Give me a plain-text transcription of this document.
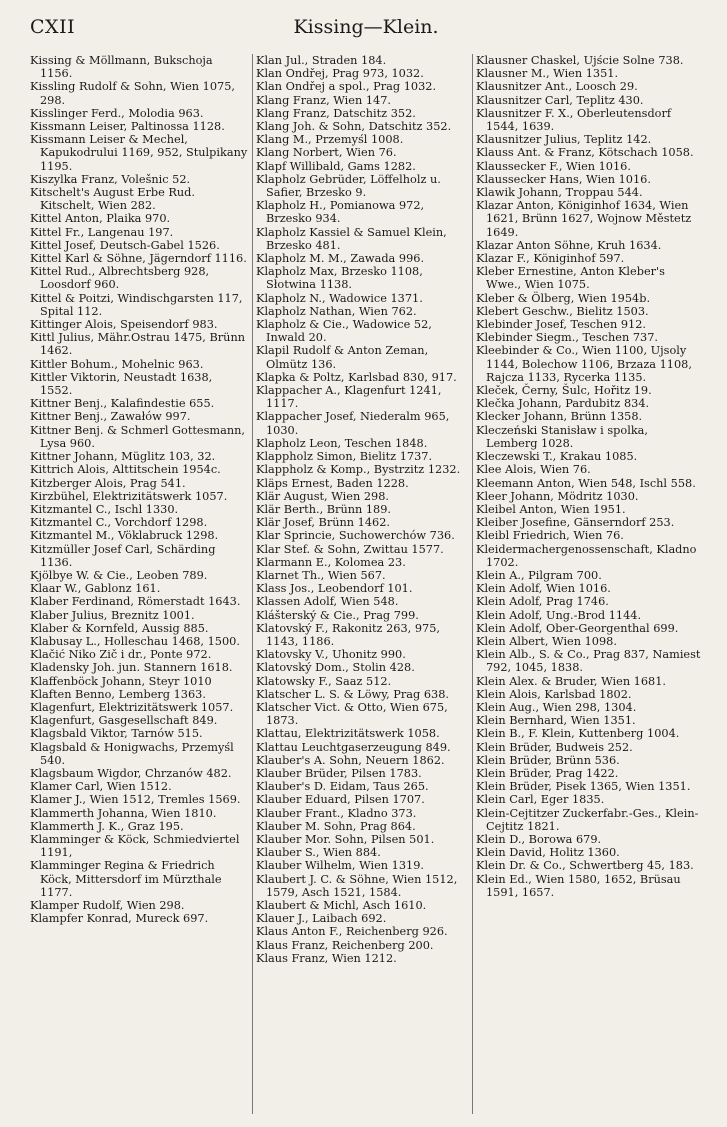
CXII	Kissing—Klein.

Kissing & Möllmann, Bukschoja 1156.

Kissling Rudolf & Sohn, Wien 1075, 298.

Kisslinger Ferd., Molodia 963.

Kissmann Leiser, Paltinossa 1128.

Kissmann Leiser & Mechel, Kapukodrului 1169, 952, Stulpikany 1195.

Kiszylka Franz, Volešnic 52.

Kitschelt's August Erbe Rud. Kitschelt, Wien 282.

Kittel Anton, Plaika 970.

Kittel Fr., Langenau 197.

Kittel Josef, Deutsch-Gabel 1526.

Kittel Karl & Söhne, Jägerndorf 1116.

Kittel Rud., Albrechtsberg 928, Loosdorf 960.

Kittel & Poitzi, Windischgarsten 117, Spital 112.

Kittinger Alois, Speisendorf 983.

Kittl Julius, Mähr.Ostrau 1475, Brünn 1462.

Kittler Bohum., Mohelnic 963.

Kittler Viktorin, Neustadt 1638, 1552.

Kittner Benj., Kalafindestie 655.

Kittner Benj., Zawałów 997.

Kittner Benj. & Schmerl Gottesmann, Lysa 960.

Kittner Johann, Müglitz 103, 32.

Kittrich Alois, Alttitschein 1954c.

Kitzberger Alois, Prag 541.

Kirzbühel, Elektrizitätswerk 1057.

Kitzmantel C., Ischl 1330.

Kitzmantel C., Vorchdorf 1298.

Kitzmantel M., Vöklabruck 1298.

Kitzmüller Josef Carl, Schärding 1136.

Kjölbye W. & Cie., Leoben 789.

Klaar W., Gablonz 161.

Klaber Ferdinand, Römerstadt 1643.

Klaber Julius, Breznitz 1001.

Klaber & Kornfeld, Aussig 885.

Klabusay L., Holleschau 1468, 1500.

Klačić Niko Zič i dr., Ponte 972.

Kladensky Joh. jun. Stannern 1618.

Klaffenböck Johann, Steyr 1010

Klaften Benno, Lemberg 1363.

Klagenfurt, Elektrizitätswerk 1057.

Klagenfurt, Gasgesellschaft 849.

Klagsbald Viktor, Tarnów 515.

Klagsbald & Honigwachs, Przemyśl 540.

Klagsbaum Wigdor, Chrzanów 482.

Klamer Carl, Wien 1512.

Klamer J., Wien 1512, Tremles 1569.

Klammerth Johanna, Wien 1810.

Klammerth J. K., Graz 195.

Klamminger & Köck, Schmiedviertel 1191,

Klamminger Regina & Friedrich Köck, Mittersdorf im Mürzthale 1177.

Klamper Rudolf, Wien 298.

Klampfer Konrad, Mureck 697.

Klan Jul., Straden 184.

Klan Ondřej, Prag 973, 1032.

Klan Ondřej a spol., Prag 1032.

Klang Franz, Wien 147.

Klang Franz, Datschitz 352.

Klang Joh. & Sohn, Datschitz 352.

Klang M., Przemyśl 1008.

Klang Norbert, Wien 76.

Klapf Willibald, Gams 1282.

Klapholz Gebrüder, Löffelholz u. Safier, Brzesko 9.

Klapholz H., Pomianowa 972, Brzesko 934.

Klapholz Kassiel & Samuel Klein, Brzesko 481.

Klapholz M. M., Zawada 996.

Klapholz Max, Brzesko 1108, Słotwina 1138.

Klapholz N., Wadowice 1371.

Klapholz Nathan, Wien 762.

Klapholz & Cie., Wadowice 52, Inwald 20.

Klapil Rudolf & Anton Zeman, Olmütz 136.

Klapka & Poltz, Karlsbad 830, 917.

Klappacher A., Klagenfurt 1241, 1117.

Klappacher Josef, Niederalm 965, 1030.

Klapholz Leon, Teschen 1848.

Klappholz Simon, Bielitz 1737.

Klappholz & Komp., Bystrzitz 1232.

Kläps Ernest, Baden 1228.

Klär August, Wien 298.

Klär Berth., Brünn 189.

Klär Josef, Brünn 1462.

Klar Sprincie, Suchowerchów 736.

Klar Stef. & Sohn, Zwittau 1577.

Klarmann E., Kolomea 23.

Klarnet Th., Wien 567.

Klass Jos., Leobendorf 101.

Klassen Adolf, Wien 548.

Klášterský & Cie., Prag 799.

Klatovský F., Rakonitz 263, 975, 1143, 1186.

Klatovsky V., Uhonitz 990.

Klatovský Dom., Stolin 428.

Klatowsky F., Saaz 512.

Klatscher L. S. & Löwy, Prag 638.

Klatscher Vict. & Otto, Wien 675, 1873.

Klattau, Elektrizitätswerk 1058.

Klattau Leuchtgaserzeugung 849.

Klauber's A. Sohn, Neuern 1862.

Klauber Brüder, Pilsen 1783.

Klauber's D. Eidam, Taus 265.

Klauber Eduard, Pilsen 1707.

Klauber Frant., Kladno 373.

Klauber M. Sohn, Prag 864.

Klauber Mor. Sohn, Pilsen 501.

Klauber S., Wien 884.

Klauber Wilhelm, Wien 1319.

Klaubert J. C. & Söhne, Wien 1512, 1579, Asch 1521, 1584.

Klaubert & Michl, Asch 1610.

Klauer J., Laibach 692.

Klaus Anton F., Reichenberg 926.

Klaus Franz, Reichenberg 200.

Klaus Franz, Wien 1212.

Klausner Chaskel, Ujście Solne 738.

Klausner M., Wien 1351.

Klausnitzer Ant., Loosch 29.

Klausnitzer Carl, Teplitz 430.

Klausnitzer F. X., Oberleutensdorf 1544, 1639.

Klausnitzer Julius, Teplitz 142.

Klauss Ant. & Franz, Kötschach 1058.

Klaussecker F., Wien 1016.

Klaussecker Hans, Wien 1016.

Klawik Johann, Troppau 544.

Klazar Anton, Königinhof 1634, Wien 1621, Brünn 1627, Wojnow Městetz 1649.

Klazar Anton Söhne, Kruh 1634.

Klazar F., Königinhof 597.

Kleber Ernestine, Anton Kleber's Wwe., Wien 1075.

Kleber & Ölberg, Wien 1954b.

Klebert Geschw., Bielitz 1503.

Klebinder Josef, Teschen 912.

Klebinder Siegm., Teschen 737.

Kleebinder & Co., Wien 1100, Ujsoly 1144, Bolechow 1106, Brzaza 1108, Rajcza 1133, Rycerka 1135.

Kleček, Černy, Šulc, Hořitz 19.

Klečka Johann, Pardubitz 834.

Klecker Johann, Brünn 1358.

Kleczeński Stanisław i spolka, Lemberg 1028.

Kleczewski T., Krakau 1085.

Klee Alois, Wien 76.

Kleemann Anton, Wien 548, Ischl 558.

Kleer Johann, Mödritz 1030.

Kleibel Anton, Wien 1951.

Kleiber Josefine, Gänserndorf 253.

Kleibl Friedrich, Wien 76.

Kleidermachergenossenschaft, Kladno 1702.

Klein A., Pilgram 700.

Klein Adolf, Wien 1016.

Klein Adolf, Prag 1746.

Klein Adolf, Ung.-Brod 1144.

Klein Adolf, Ober-Georgenthal 699.

Klein Albert, Wien 1098.

Klein Alb., S. & Co., Prag 837, Namiest 792, 1045, 1838.

Klein Alex. & Bruder, Wien 1681.

Klein Alois, Karlsbad 1802.

Klein Aug., Wien 298, 1304.

Klein Bernhard, Wien 1351.

Klein B., F. Klein, Kuttenberg 1004.

Klein Brüder, Budweis 252.

Klein Brüder, Brünn 536.

Klein Brüder, Prag 1422.

Klein Brüder, Pisek 1365, Wien 1351.

Klein Carl, Eger 1835.

Klein-Cejtitzer Zuckerfabr.-Ges., Klein-Cejtitz 1821.

Klein D., Borowa 679.

Klein David, Holitz 1360.

Klein Dr. & Co., Schwertberg 45, 183.

Klein Ed., Wien 1580, 1652, Brüsau 1591, 1657.
